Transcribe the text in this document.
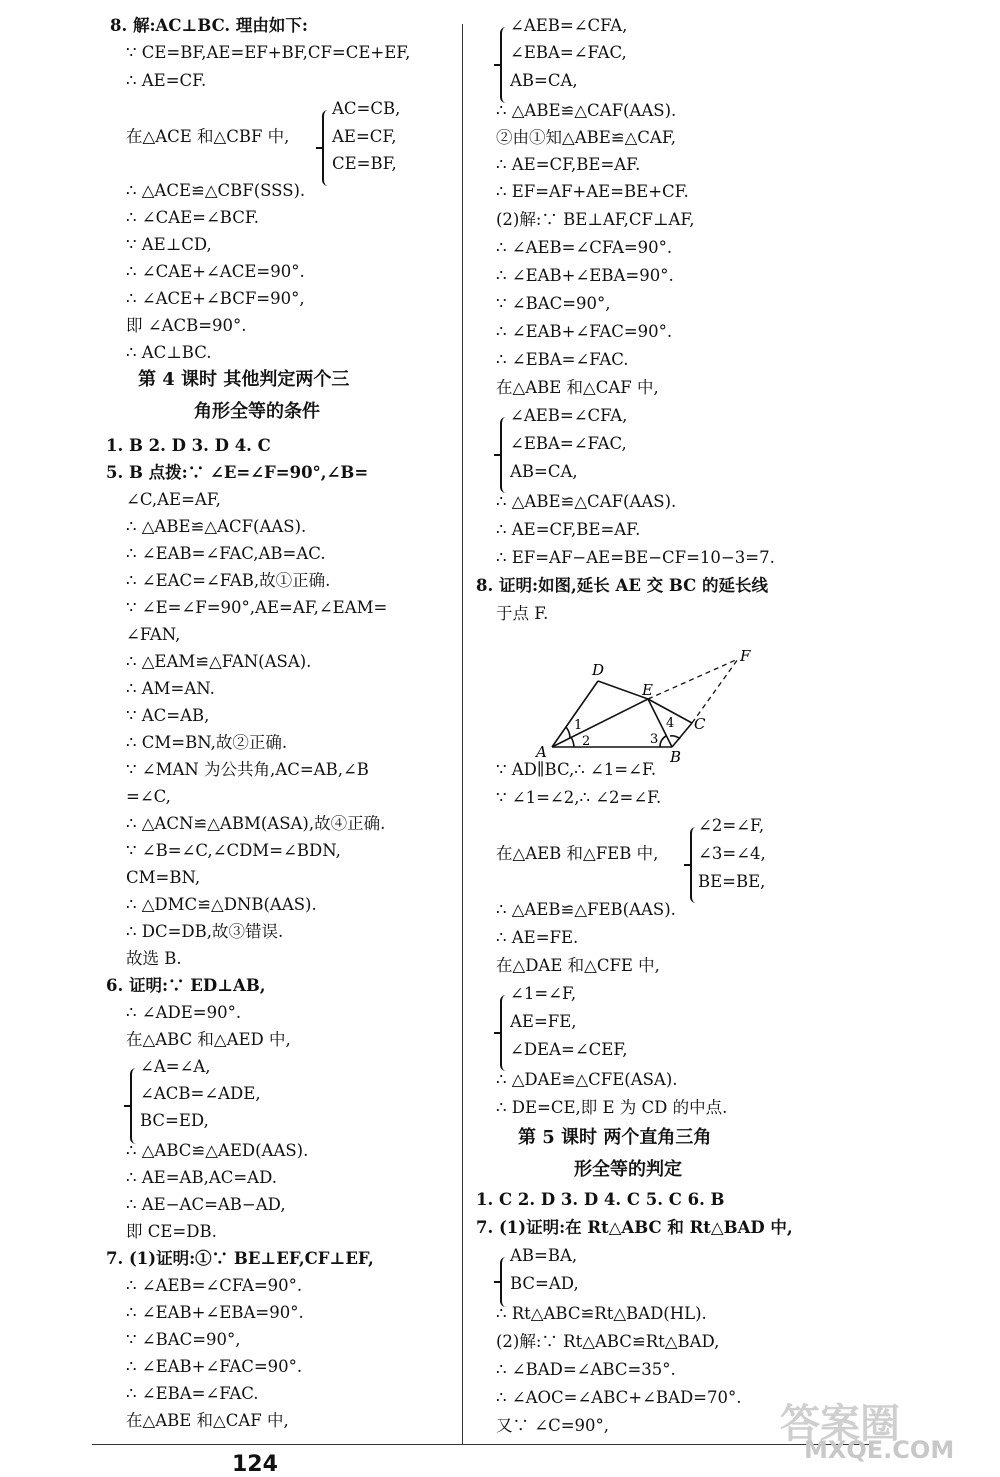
8. 解:AC⊥BC. 理由如下:
∵ CE=BF,AE=EF+BF,CF=CE+EF,
∴ AE=CF.
在△ACE 和△CBF 中,
AC=CB,
AE=CF,
CE=BF,
∴ △ACE≌△CBF(SSS).
∴ ∠CAE=∠BCF.
∵ AE⊥CD,
∴ ∠CAE+∠ACE=90°.
∴ ∠ACE+∠BCF=90°,
即 ∠ACB=90°.
∴ AC⊥BC.
1. B 2. D 3. D 4. C
5. B 点拨:∵ ∠E=∠F=90°,∠B=
∠C,AE=AF,
∴ △ABE≌△ACF(AAS).
∴ ∠EAB=∠FAC,AB=AC.
∴ ∠EAC=∠FAB,故①正确.
∵ ∠E=∠F=90°,AE=AF,∠EAM=
∠FAN,
∴ △EAM≌△FAN(ASA).
∴ AM=AN.
∵ AC=AB,
∴ CM=BN,故②正确.
∵ ∠MAN 为公共角,AC=AB,∠B
=∠C,
∴ △ACN≌△ABM(ASA),故④正确.
∵ ∠B=∠C,∠CDM=∠BDN,
CM=BN,
∴ △DMC≌△DNB(AAS).
∴ DC=DB,故③错误.
故选 B.
6. 证明:∵ ED⊥AB,
∴ ∠ADE=90°.
在△ABC 和△AED 中,
∠A=∠A,
∠ACB=∠ADE,
BC=ED,
∴ △ABC≌△AED(AAS).
∴ AE=AB,AC=AD.
∴ AE−AC=AB−AD,
即 CE=DB.
7. (1)证明:①∵ BE⊥EF,CF⊥EF,
∴ ∠AEB=∠CFA=90°.
∴ ∠EAB+∠EBA=90°.
∵ ∠BAC=90°,
∴ ∠EAB+∠FAC=90°.
∴ ∠EBA=∠FAC.
在△ABE 和△CAF 中,
第 4 课时 其他判定两个三
角形全等的条件
∠AEB=∠CFA,
∠EBA=∠FAC,
AB=CA,
∴ △ABE≌△CAF(AAS).
②由①知△ABE≌△CAF,
∴ AE=CF,BE=AF.
∴ EF=AF+AE=BE+CF.
(2)解:∵ BE⊥AF,CF⊥AF,
∴ ∠AEB=∠CFA=90°.
∴ ∠EAB+∠EBA=90°.
∵ ∠BAC=90°,
∴ ∠EAB+∠FAC=90°.
∴ ∠EBA=∠FAC.
在△ABE 和△CAF 中,
∠AEB=∠CFA,
∠EBA=∠FAC,
AB=CA,
∴ △ABE≌△CAF(AAS).
∴ AE=CF,BE=AF.
∴ EF=AF−AE=BE−CF=10−3=7.
8. 证明:如图,延长 AE 交 BC 的延长线
于点 F.
∵ AD∥BC,∴ ∠1=∠F.
∵ ∠1=∠2,∴ ∠2=∠F.
在△AEB 和△FEB 中,
∠2=∠F,
∠3=∠4,
BE=BE,
∴ △AEB≌△FEB(AAS).
∴ AE=FE.
在△DAE 和△CFE 中,
∠1=∠F,
AE=FE,
∠DEA=∠CEF,
∴ △DAE≌△CFE(ASA).
∴ DE=CE,即 E 为 CD 的中点.
1. C 2. D 3. D 4. C 5. C 6. B
7. (1)证明:在 Rt△ABC 和 Rt△BAD 中,
AB=BA,
BC=AD,
∴ Rt△ABC≌Rt△BAD(HL).
(2)解:∵ Rt△ABC≌Rt△BAD,
∴ ∠BAD=∠ABC=35°.
∴ ∠AOC=∠ABC+∠BAD=70°.
又∵ ∠C=90°,
第 5 课时 两个直角三角
形全等的判定
A	B
C
D
E
F
1
2	3
4
124
答案圈
MXQE.COM
